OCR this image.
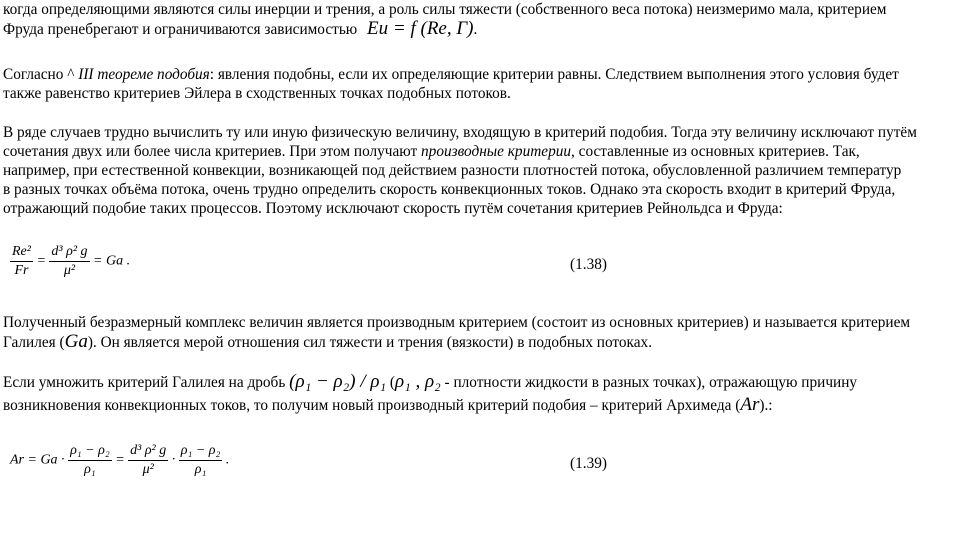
когда определяющими являются силы инерции и трения, а роль силы тяжести (собственного веса потока) неизмеримо мала, критерием

Фруда пренебрегают и ограничиваются зависимостью Eu = f (Re, Г).

Согласно ^ III теореме подобия: явления подобны, если их определяющие критерии равны. Следствием выполнения этого условия будет

также равенство критериев Эйлера в сходственных точках подобных потоков.

В ряде случаев трудно вычислить ту или иную физическую величину, входящую в критерий подобия. Тогда эту величину исключают путём

сочетания двух или более числа критериев. При этом получают производные критерии, составленные из основных критериев. Так,

например, при естественной конвекции, возникающей под действием разности плотностей потока, обусловленной различием температур

в разных точках объёма потока, очень трудно определить скорость конвекционных токов. Однако эта скорость входит в критерий Фруда,

отражающий подобие таких процессов. Поэтому исключают скорость путём сочетания критериев Рейнольдса и Фруда:

$\frac{\text{Re²}}{Fr} = \frac{\text{d³ ρ² g}}{\text{μ²}} = Ga$ .	(1.38)

Полученный безразмерный комплекс величин является производным критерием (состоит из основных критериев) и называется критерием

Галилея (Ga). Он является мерой отношения сил тяжести и трения (вязкости) в подобных потоках.

Если умножить критерий Галилея на дробь (ρ₁ − ρ₂) / ρ₁ (ρ₁ , ρ₂ - плотности жидкости в разных точках), отражающую причину

возникновения конвекционных токов, то получим новый производный критерий подобия – критерий Архимеда (Ar).:

$Ar = Ga \cdot \frac{\text{ρ₁ − ρ₂}}{\text{ρ₁}} = \frac{\text{d³ ρ² g}}{\text{μ²}} \cdot \frac{\text{ρ₁ − ρ₂}}{\text{ρ₁}}$ .	(1.39)
